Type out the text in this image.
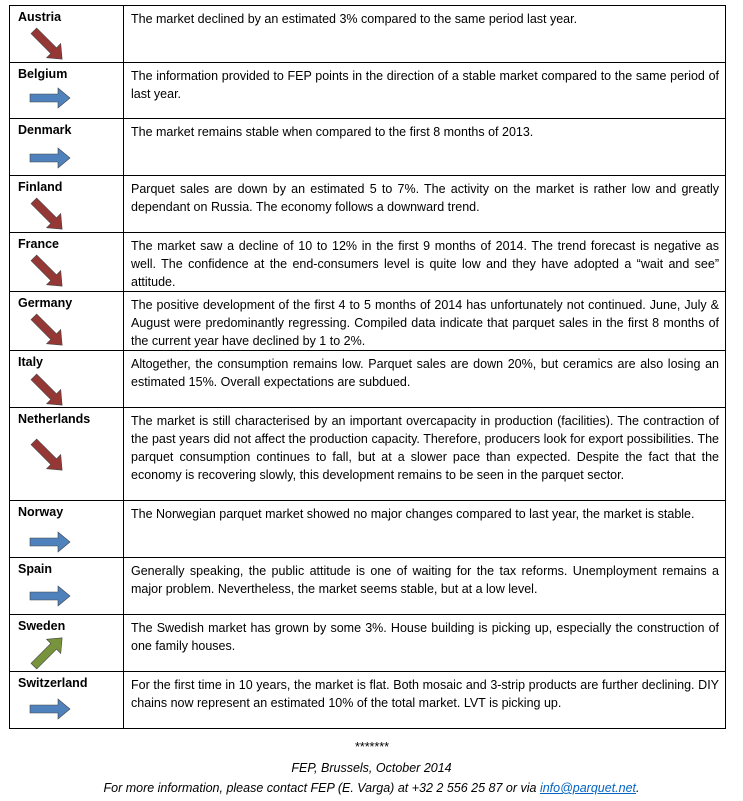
Austria	The market declined by an estimated 3% compared to the same period last year.

Belgium	The information provided to FEP points in the direction of a stable market compared to the same period of last year.

Denmark	The market remains stable when compared to the first 8 months of 2013.

Finland	Parquet sales are down by an estimated 5 to 7%. The activity on the market is rather low and greatly dependant on Russia. The economy follows a downward trend.

France	The market saw a decline of 10 to 12% in the first 9 months of 2014. The trend forecast is negative as well. The confidence at the end-consumers level is quite low and they have adopted a “wait and see” attitude.

Germany	The positive development of the first 4 to 5 months of 2014 has unfortunately not continued. June, July & August were predominantly regressing. Compiled data indicate that parquet sales in the first 8 months of the current year have declined by 1 to 2%.

Italy	Altogether, the consumption remains low. Parquet sales are down 20%, but ceramics are also losing an estimated 15%. Overall expectations are subdued.

Netherlands	The market is still characterised by an important overcapacity in production (facilities). The contraction of the past years did not affect the production capacity. Therefore, producers look for export possibilities. The parquet consumption continues to fall, but at a slower pace than expected. Despite the fact that the economy is recovering slowly, this development remains to be seen in the parquet sector.

Norway	The Norwegian parquet market showed no major changes compared to last year, the market is stable.

Spain	Generally speaking, the public attitude is one of waiting for the tax reforms. Unemployment remains a major problem. Nevertheless, the market seems stable, but at a low level.

Sweden	The Swedish market has grown by some 3%. House building is picking up, especially the construction of one family houses.

Switzerland	For the first time in 10 years, the market is flat. Both mosaic and 3-strip products are further declining. DIY chains now represent an estimated 10% of the total market. LVT is picking up.
*******
FEP, Brussels, October 2014
For more information, please contact FEP (E. Varga) at +32 2 556 25 87 or via info@parquet.net.
